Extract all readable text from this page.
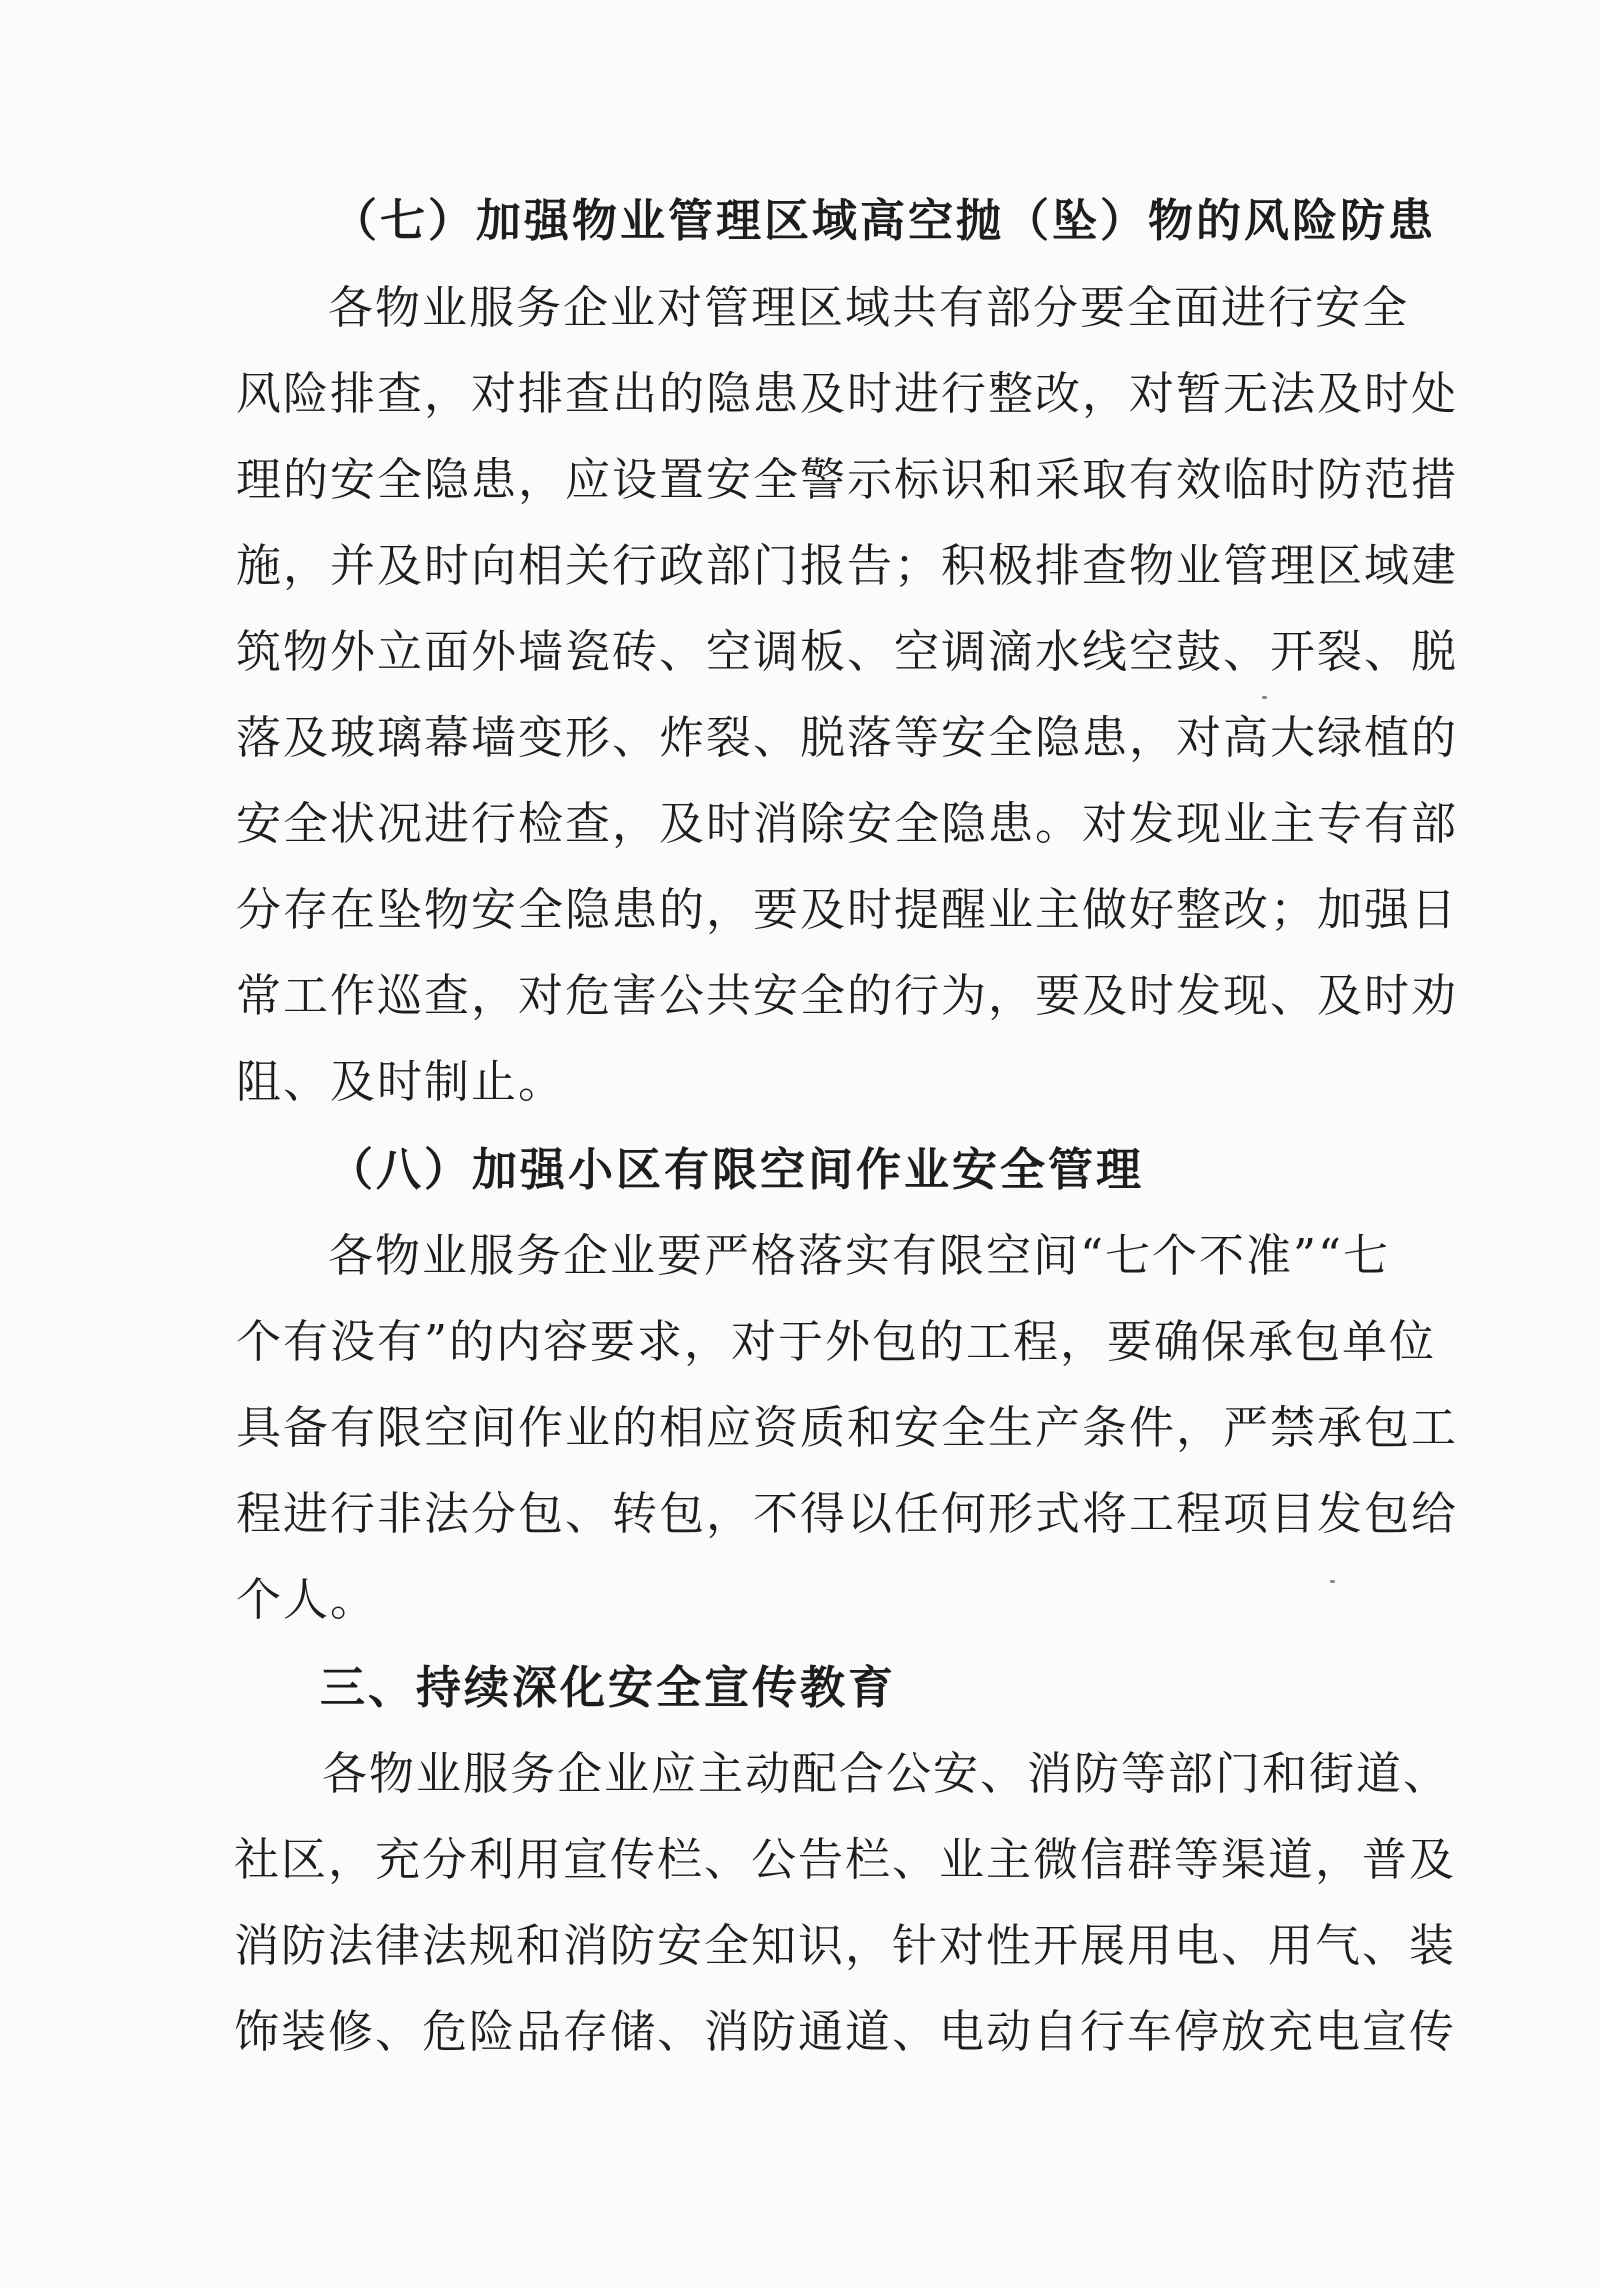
（七）加强物业管理区域高空抛（坠）物的风险防患
各物业服务企业对管理区域共有部分要全面进行安全
风险排查，对排查出的隐患及时进行整改，对暂无法及时处
理的安全隐患，应设置安全警示标识和采取有效临时防范措
施，并及时向相关行政部门报告；积极排查物业管理区域建
筑物外立面外墙瓷砖、空调板、空调滴水线空鼓、开裂、脱
落及玻璃幕墙变形、炸裂、脱落等安全隐患，对高大绿植的
安全状况进行检查，及时消除安全隐患。对发现业主专有部
分存在坠物安全隐患的，要及时提醒业主做好整改；加强日
常工作巡查，对危害公共安全的行为，要及时发现、及时劝
阻、及时制止。
（八）加强小区有限空间作业安全管理
各物业服务企业要严格落实有限空间“七个不准”“七
个有没有”的内容要求，对于外包的工程，要确保承包单位
具备有限空间作业的相应资质和安全生产条件，严禁承包工
程进行非法分包、转包，不得以任何形式将工程项目发包给
个人。
三、持续深化安全宣传教育
各物业服务企业应主动配合公安、消防等部门和街道、
社区，充分利用宣传栏、公告栏、业主微信群等渠道，普及
消防法律法规和消防安全知识，针对性开展用电、用气、装
饰装修、危险品存储、消防通道、电动自行车停放充电宣传
